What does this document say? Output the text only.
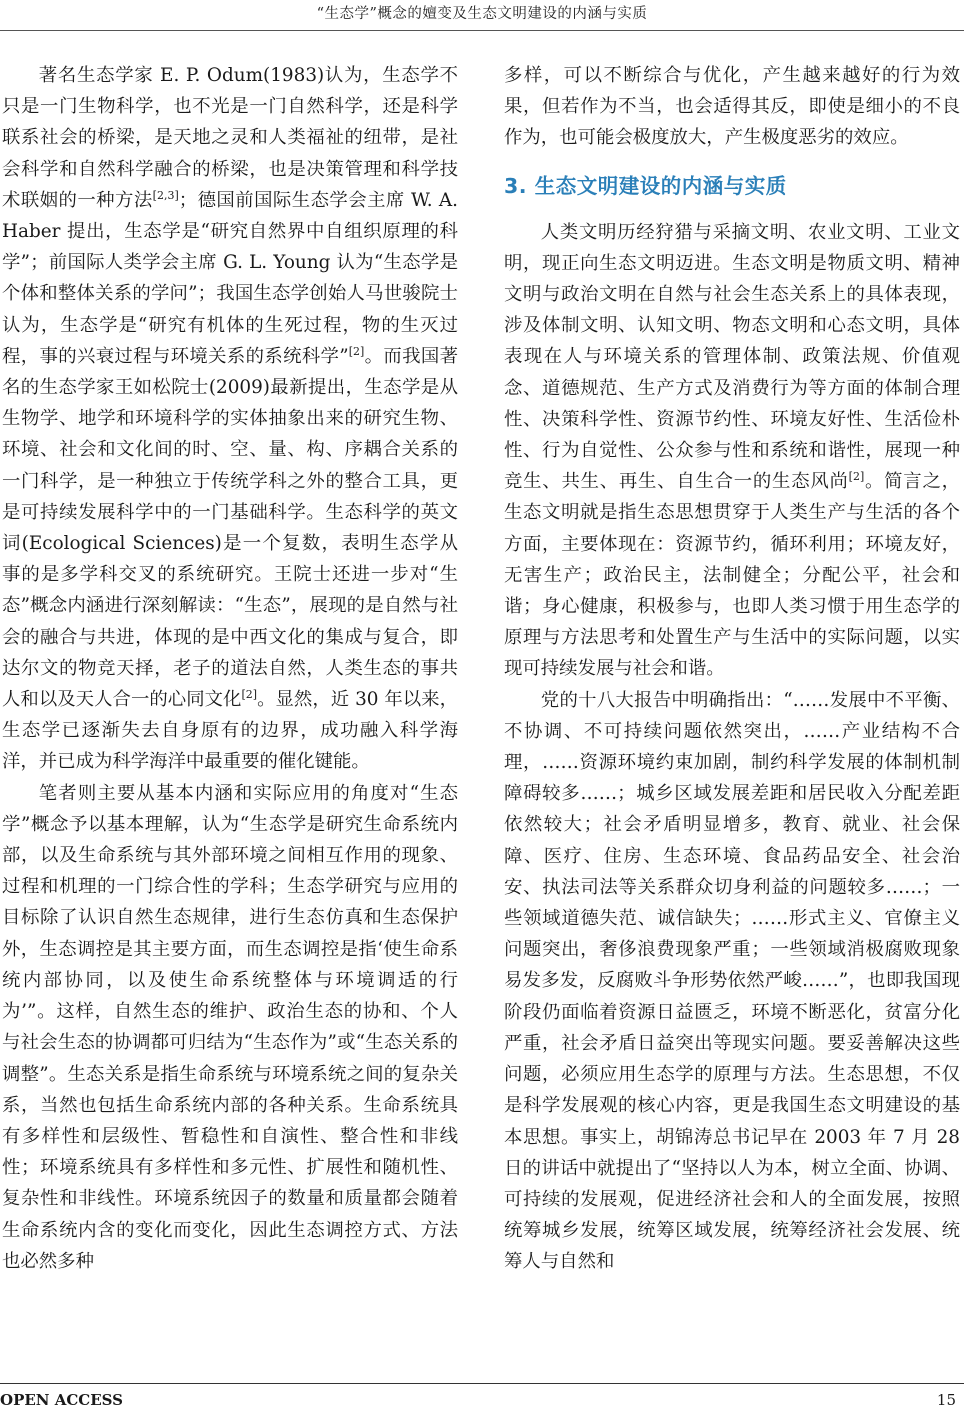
“生态学”概念的嬗变及生态文明建设的内涵与实质

著名生态学家 E. P. Odum(1983)认为，生态学不只是一门生物科学，也不光是一门自然科学，还是科学联系社会的桥梁，是天地之灵和人类福祉的纽带，是社会科学和自然科学融合的桥梁，也是决策管理和科学技术联姻的一种方法[2,3]；德国前国际生态学会主席 W. A. Haber 提出，生态学是“研究自然界中自组织原理的科学”；前国际人类学会主席 G. L. Young 认为“生态学是个体和整体关系的学问”；我国生态学创始人马世骏院士认为，生态学是“研究有机体的生死过程，物的生灭过程，事的兴衰过程与环境关系的系统科学”[2]。而我国著名的生态学家王如松院士(2009)最新提出，生态学是从生物学、地学和环境科学的实体抽象出来的研究生物、环境、社会和文化间的时、空、量、构、序耦合关系的一门科学，是一种独立于传统学科之外的整合工具，更是可持续发展科学中的一门基础科学。生态科学的英文词(Ecological Sciences)是一个复数，表明生态学从事的是多学科交叉的系统研究。王院士还进一步对“生态”概念内涵进行深刻解读：“生态”，展现的是自然与社会的融合与共进，体现的是中西文化的集成与复合，即达尔文的物竞天择，老子的道法自然，人类生态的事共人和以及天人合一的心同文化[2]。显然，近 30 年以来，生态学已逐渐失去自身原有的边界，成功融入科学海洋，并已成为科学海洋中最重要的催化键能。

笔者则主要从基本内涵和实际应用的角度对“生态学”概念予以基本理解，认为“生态学是研究生命系统内部，以及生命系统与其外部环境之间相互作用的现象、过程和机理的一门综合性的学科；生态学研究与应用的目标除了认识自然生态规律，进行生态仿真和生态保护外，生态调控是其主要方面，而生态调控是指‘使生命系统内部协同，以及使生命系统整体与环境调适的行为’”。这样，自然生态的维护、政治生态的协和、个人与社会生态的协调都可归结为“生态作为”或“生态关系的调整”。生态关系是指生命系统与环境系统之间的复杂关系，当然也包括生命系统内部的各种关系。生命系统具有多样性和层级性、暂稳性和自演性、整合性和非线性；环境系统具有多样性和多元性、扩展性和随机性、复杂性和非线性。环境系统因子的数量和质量都会随着生命系统内含的变化而变化，因此生态调控方式、方法也必然多种

多样，可以不断综合与优化，产生越来越好的行为效果，但若作为不当，也会适得其反，即使是细小的不良作为，也可能会极度放大，产生极度恶劣的效应。

3. 生态文明建设的内涵与实质

人类文明历经狩猎与采摘文明、农业文明、工业文明，现正向生态文明迈进。生态文明是物质文明、精神文明与政治文明在自然与社会生态关系上的具体表现，涉及体制文明、认知文明、物态文明和心态文明，具体表现在人与环境关系的管理体制、政策法规、价值观念、道德规范、生产方式及消费行为等方面的体制合理性、决策科学性、资源节约性、环境友好性、生活俭朴性、行为自觉性、公众参与性和系统和谐性，展现一种竞生、共生、再生、自生合一的生态风尚[2]。简言之，生态文明就是指生态思想贯穿于人类生产与生活的各个方面，主要体现在：资源节约，循环利用；环境友好，无害生产；政治民主，法制健全；分配公平，社会和谐；身心健康，积极参与，也即人类习惯于用生态学的原理与方法思考和处置生产与生活中的实际问题，以实现可持续发展与社会和谐。

党的十八大报告中明确指出：“……发展中不平衡、不协调、不可持续问题依然突出，……产业结构不合理，……资源环境约束加剧，制约科学发展的体制机制障碍较多……；城乡区域发展差距和居民收入分配差距依然较大；社会矛盾明显增多，教育、就业、社会保障、医疗、住房、生态环境、食品药品安全、社会治安、执法司法等关系群众切身利益的问题较多……；一些领域道德失范、诚信缺失；……形式主义、官僚主义问题突出，奢侈浪费现象严重；一些领域消极腐败现象易发多发，反腐败斗争形势依然严峻……”，也即我国现阶段仍面临着资源日益匮乏，环境不断恶化，贫富分化严重，社会矛盾日益突出等现实问题。要妥善解决这些问题，必须应用生态学的原理与方法。生态思想，不仅是科学发展观的核心内容，更是我国生态文明建设的基本思想。事实上，胡锦涛总书记早在 2003 年 7 月 28 日的讲话中就提出了“坚持以人为本，树立全面、协调、可持续的发展观，促进经济社会和人的全面发展，按照统筹城乡发展，统筹区域发展，统筹经济社会发展、统筹人与自然和

OPEN ACCESS	15
